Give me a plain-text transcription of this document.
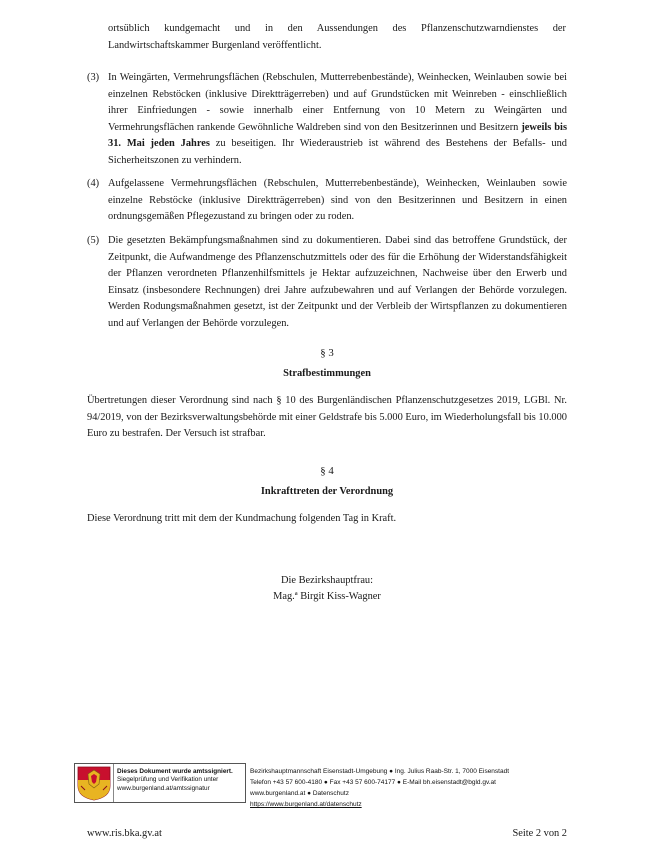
ortsüblich kundgemacht und in den Aussendungen des Pflanzenschutzwarndienstes der Landwirtschaftskammer Burgenland veröffentlicht.

(3) In Weingärten, Vermehrungsflächen (Rebschulen, Mutterrebenbestände), Weinhecken, Weinlauben sowie bei einzelnen Rebstöcken (inklusive Direktträgerreben) und auf Grundstücken mit Weinreben - einschließlich ihrer Einfriedungen - sowie innerhalb einer Entfernung von 10 Metern zu Weingärten und Vermehrungsflächen rankende Gewöhnliche Waldreben sind von den Besitzerinnen und Besitzern jeweils bis 31. Mai jeden Jahres zu beseitigen. Ihr Wiederaustrieb ist während des Bestehens der Befalls- und Sicherheitszonen zu verhindern.
(4) Aufgelassene Vermehrungsflächen (Rebschulen, Mutterrebenbestände), Weinhecken, Weinlauben sowie einzelne Rebstöcke (inklusive Direktträgerreben) sind von den Besitzerinnen und Besitzern in einen ordnungsgemäßen Pflegezustand zu bringen oder zu roden.
(5) Die gesetzten Bekämpfungsmaßnahmen sind zu dokumentieren. Dabei sind das betroffene Grundstück, der Zeitpunkt, die Aufwandmenge des Pflanzenschutzmittels oder des für die Erhöhung der Widerstandsfähigkeit der Pflanzen verordneten Pflanzenhilfsmittels je Hektar aufzuzeichnen, Nachweise über den Erwerb und Einsatz (insbesondere Rechnungen) drei Jahre aufzubewahren und auf Verlangen der Behörde vorzulegen. Werden Rodungsmaßnahmen gesetzt, ist der Zeitpunkt und der Verbleib der Wirtspflanzen zu dokumentieren und auf Verlangen der Behörde vorzulegen.
§ 3
Strafbestimmungen

Übertretungen dieser Verordnung sind nach § 10 des Burgenländischen Pflanzenschutzgesetzes 2019, LGBl. Nr. 94/2019, von der Bezirksverwaltungsbehörde mit einer Geldstrafe bis 5.000 Euro, im Wiederholungsfall bis 10.000 Euro zu bestrafen. Der Versuch ist strafbar.

§ 4
Inkrafttreten der Verordnung

Diese Verordnung tritt mit dem der Kundmachung folgenden Tag in Kraft.

Die Bezirkshauptfrau:
Mag.ª Birgit Kiss-Wagner
Dieses Dokument wurde amtssigniert.
Siegelprüfung und Verifikation unter
www.burgenland.at/amtssignatur
Bezirkshauptmannschaft Eisenstadt-Umgebung ● Ing. Julius Raab-Str. 1, 7000 Eisenstadt
Telefon +43 57 600-4180 ● Fax +43 57 600-74177 ● E-Mail bh.eisenstadt@bgld.gv.at
www.burgenland.at ● Datenschutz
https://www.burgenland.at/datenschutz
www.ris.bka.gv.at	Seite 2 von 2
